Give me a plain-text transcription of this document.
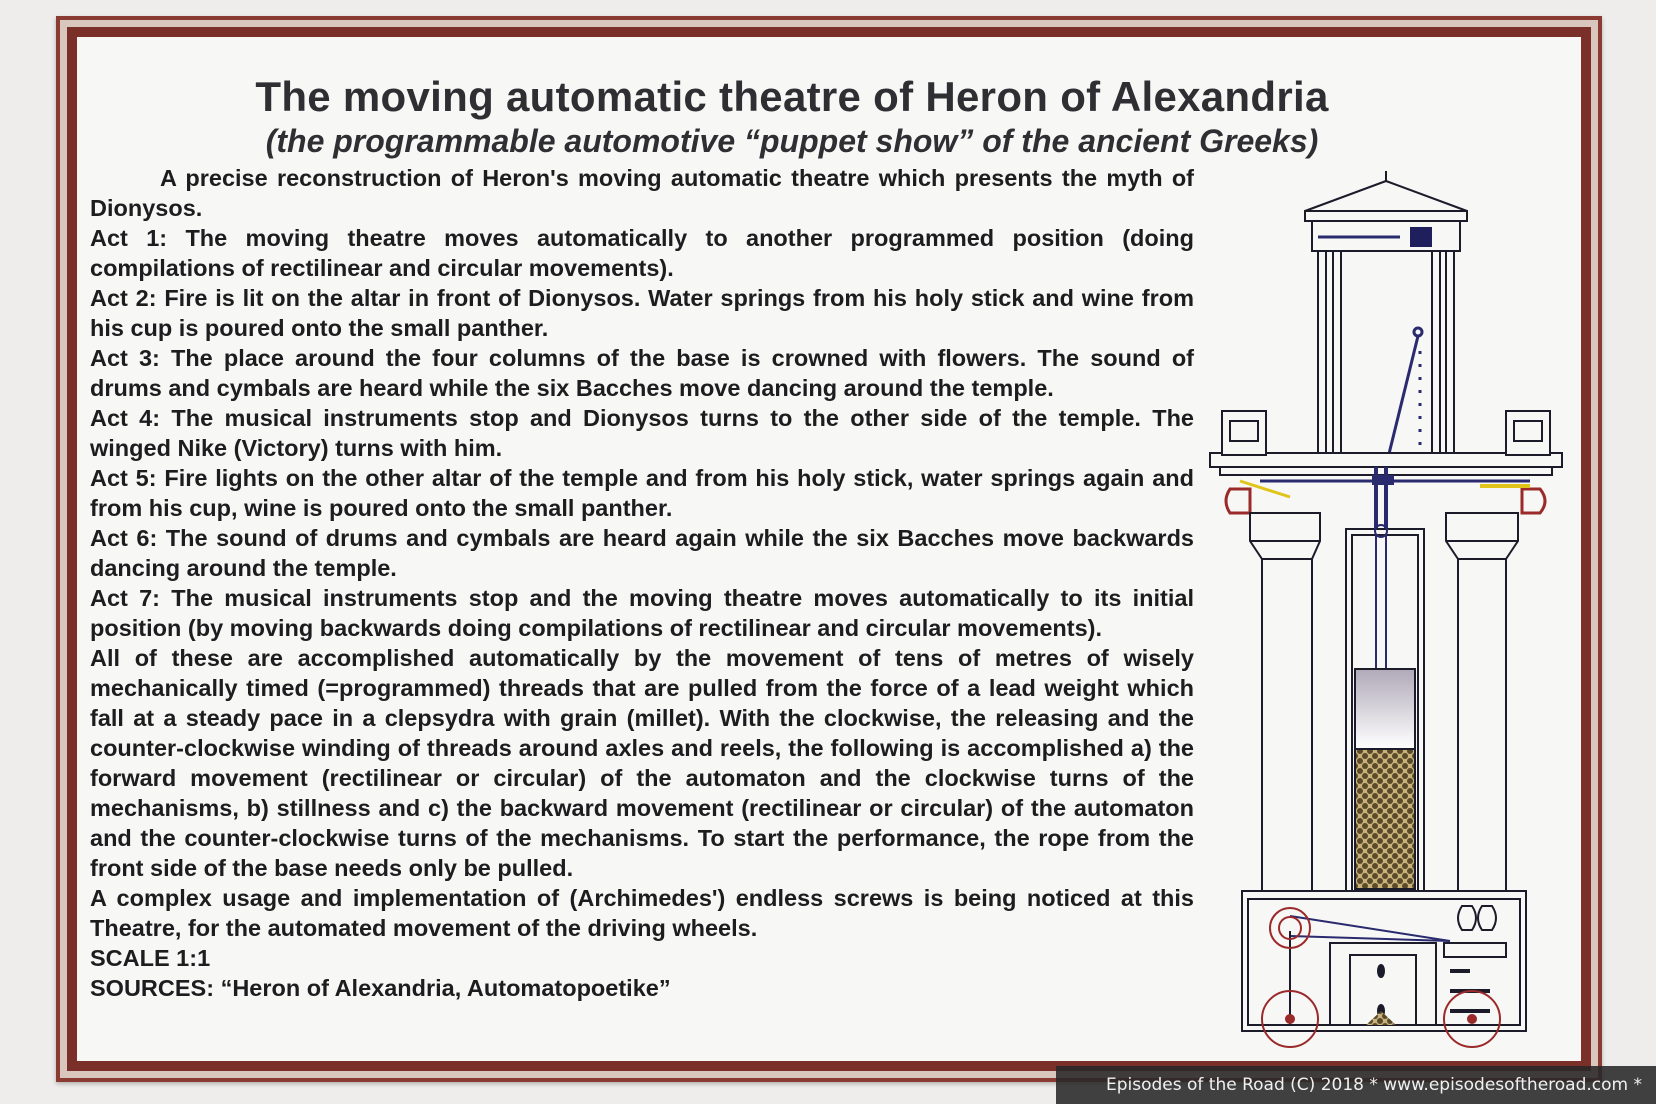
The moving automatic theatre of Heron of Alexandria
(the programmable automotive “puppet show” of the ancient Greeks)

A precise reconstruction of Heron's moving automatic theatre which presents the myth of Dionysos.

Act 1: The moving theatre moves automatically to another programmed position (doing compilations of rectilinear and circular movements).

Act 2: Fire is lit on the altar in front of Dionysos. Water springs from his holy stick and wine from his cup is poured onto the small panther.

Act 3: The place around the four columns of the base is crowned with flowers. The sound of drums and cymbals are heard while the six Bacches move dancing around the temple.

Act 4: The musical instruments stop and Dionysos turns to the other side of the temple. The winged Nike (Victory) turns with him.

Act 5: Fire lights on the other altar of the temple and from his holy stick, water springs again and from his cup, wine is poured onto the small panther.

Act 6: The sound of drums and cymbals are heard again while the six Bacches move backwards dancing around the temple.

Act 7: The musical instruments stop and the moving theatre moves automatically to its initial position (by moving backwards doing compilations of rectilinear and circular movements).

All of these are accomplished automatically by the movement of tens of metres of wisely mechanically timed (=programmed) threads that are pulled from the force of a lead weight which fall at a steady pace in a clepsydra with grain (millet). With the clockwise, the releasing and the counter-clockwise winding of threads around axles and reels, the following is accomplished a) the forward movement (rectilinear or circular) of the automaton and the clockwise turns of the mechanisms, b) stillness and c) the backward movement (rectilinear or circular) of the automaton and the counter-clockwise turns of the mechanisms. To start the performance, the rope from the front side of the base needs only be pulled.

A complex usage and implementation of (Archimedes') endless screws is being noticed at this Theatre, for the automated movement of the driving wheels.

SCALE 1:1

SOURCES: “Heron of Alexandria, Automatopoetike”

Episodes of the Road (C) 2018 * www.episodesoftheroad.com *
